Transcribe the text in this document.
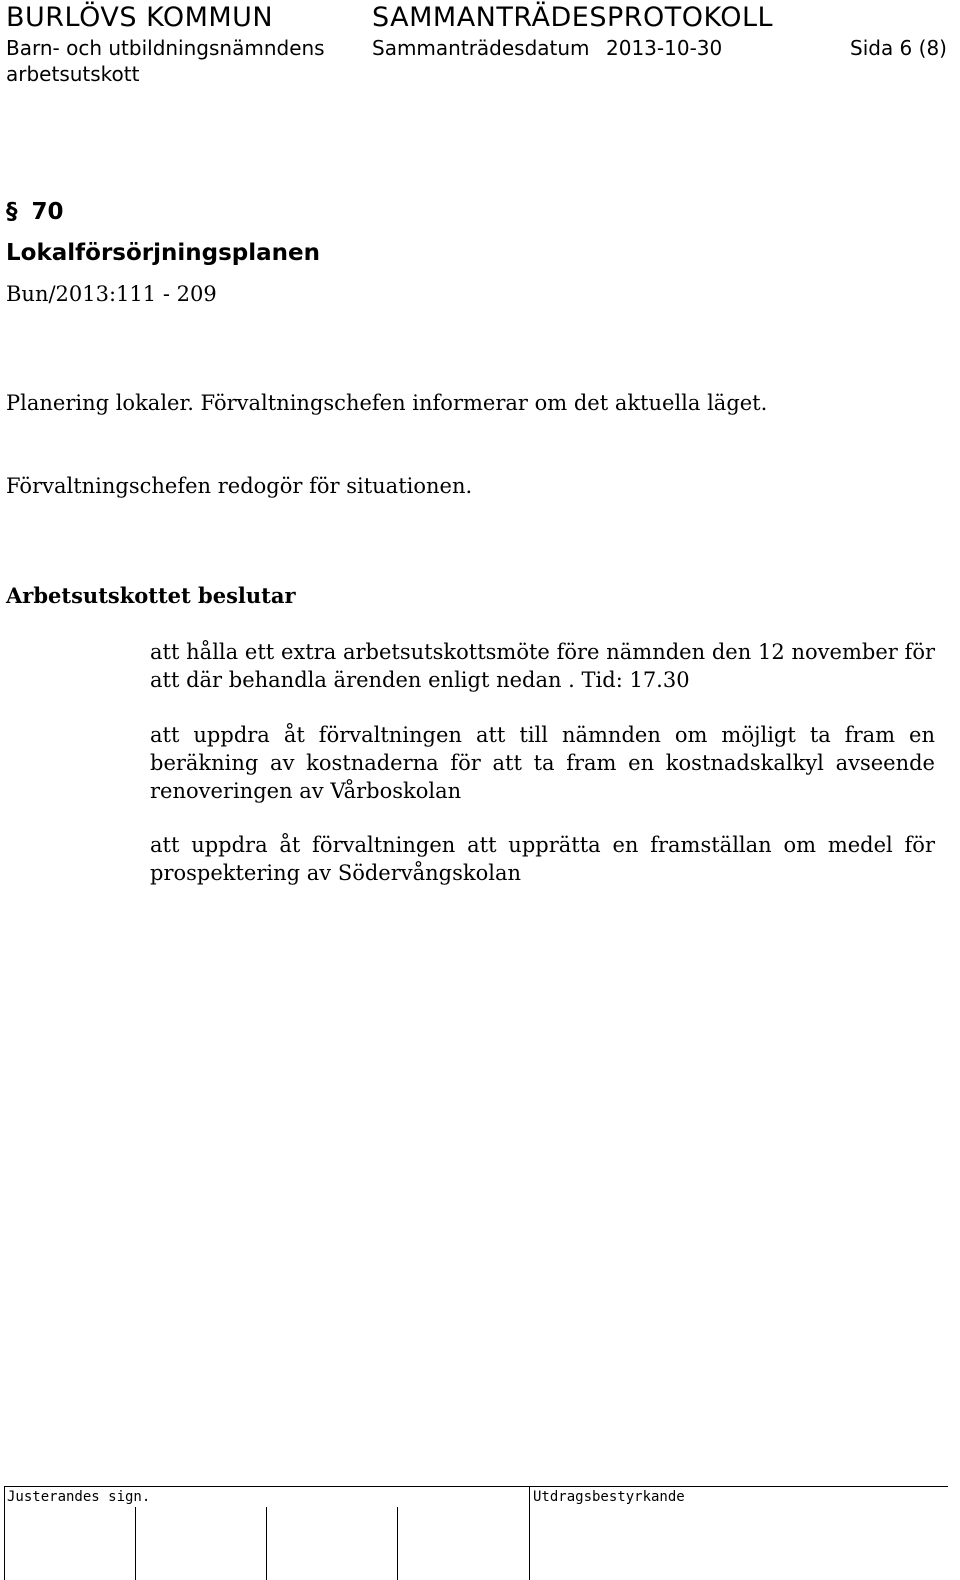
BURLÖVS KOMMUN	SAMMANTRÄDESPROTOKOLL
Barn- och utbildningsnämndens Sammanträdesdatum 2013-10-30	Sida 6 (8)
arbetsutskott
§ 70
Lokalförsörjningsplanen
Bun/2013:111 - 209
Planering lokaler. Förvaltningschefen informerar om det aktuella läget.
Förvaltningschefen redogör för situationen.
Arbetsutskottet beslutar
att hålla ett extra arbetsutskottsmöte före nämnden den 12 november för att där behandla ärenden enligt nedan . Tid: 17.30
att uppdra åt förvaltningen att till nämnden om möjligt ta fram en beräkning av kostnaderna för att ta fram en kostnadskalkyl avseende renoveringen av Vårboskolan
att uppdra åt förvaltningen att upprätta en framställan om medel för prospektering av Södervångskolan
Justerandes sign.	Utdragsbestyrkande
